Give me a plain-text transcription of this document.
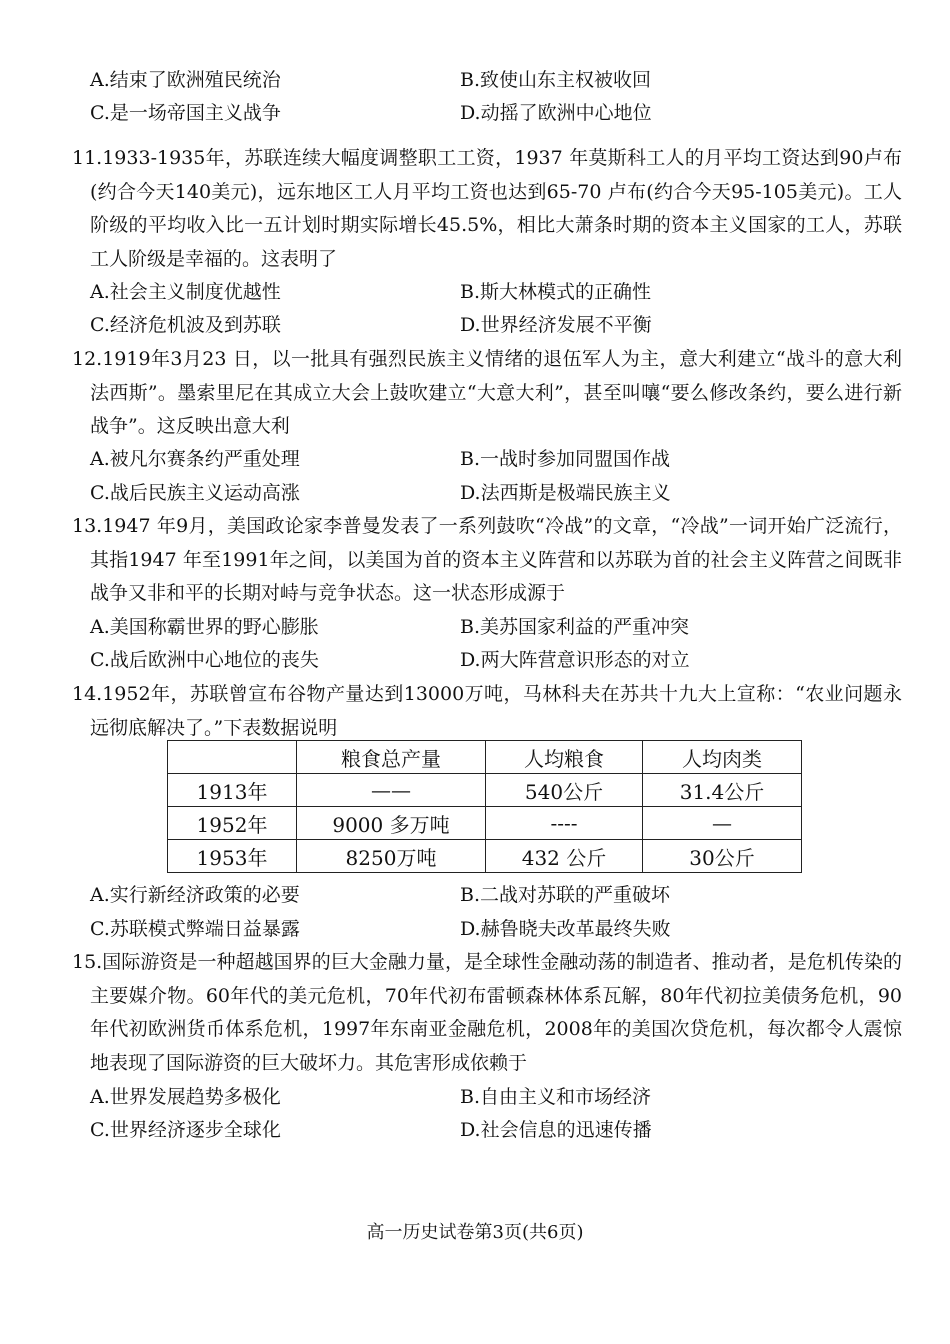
A.结束了欧洲殖民统治	B.致使山东主权被收回
C.是一场帝国主义战争	D.动摇了欧洲中心地位
11.1933-1935年，苏联连续大幅度调整职工工资，1937 年莫斯科工人的月平均工资达到90卢布(约合今天140美元)，远东地区工人月平均工资也达到65-70 卢布(约合今天95-105美元)。工人阶级的平均收入比一五计划时期实际增长45.5%，相比大萧条时期的资本主义国家的工人，苏联工人阶级是幸福的。这表明了
A.社会主义制度优越性	B.斯大林模式的正确性
C.经济危机波及到苏联	D.世界经济发展不平衡
12.1919年3月23 日，以一批具有强烈民族主义情绪的退伍军人为主，意大利建立“战斗的意大利法西斯”。墨索里尼在其成立大会上鼓吹建立“大意大利”，甚至叫嚷“要么修改条约，要么进行新战争”。这反映出意大利
A.被凡尔赛条约严重处理	B.一战时参加同盟国作战
C.战后民族主义运动高涨	D.法西斯是极端民族主义
13.1947 年9月，美国政论家李普曼发表了一系列鼓吹“冷战”的文章，“冷战”一词开始广泛流行，其指1947 年至1991年之间，以美国为首的资本主义阵营和以苏联为首的社会主义阵营之间既非战争又非和平的长期对峙与竞争状态。这一状态形成源于
A.美国称霸世界的野心膨胀	B.美苏国家利益的严重冲突
C.战后欧洲中心地位的丧失	D.两大阵营意识形态的对立
14.1952年，苏联曾宣布谷物产量达到13000万吨，马林科夫在苏共十九大上宣称：“农业问题永远彻底解决了。”下表数据说明
	粮食总产量	人均粮食	人均肉类
1913年	——	540公斤	31.4公斤
1952年	9000 多万吨	----	—
1953年	8250万吨	432 公斤	30公斤
A.实行新经济政策的必要	B.二战对苏联的严重破坏
C.苏联模式弊端日益暴露	D.赫鲁晓夫改革最终失败
15.国际游资是一种超越国界的巨大金融力量，是全球性金融动荡的制造者、推动者，是危机传染的主要媒介物。60年代的美元危机，70年代初布雷顿森林体系瓦解，80年代初拉美债务危机，90年代初欧洲货币体系危机，1997年东南亚金融危机，2008年的美国次贷危机，每次都令人震惊地表现了国际游资的巨大破坏力。其危害形成依赖于
A.世界发展趋势多极化	B.自由主义和市场经济
C.世界经济逐步全球化	D.社会信息的迅速传播
高一历史试卷第3页(共6页)
